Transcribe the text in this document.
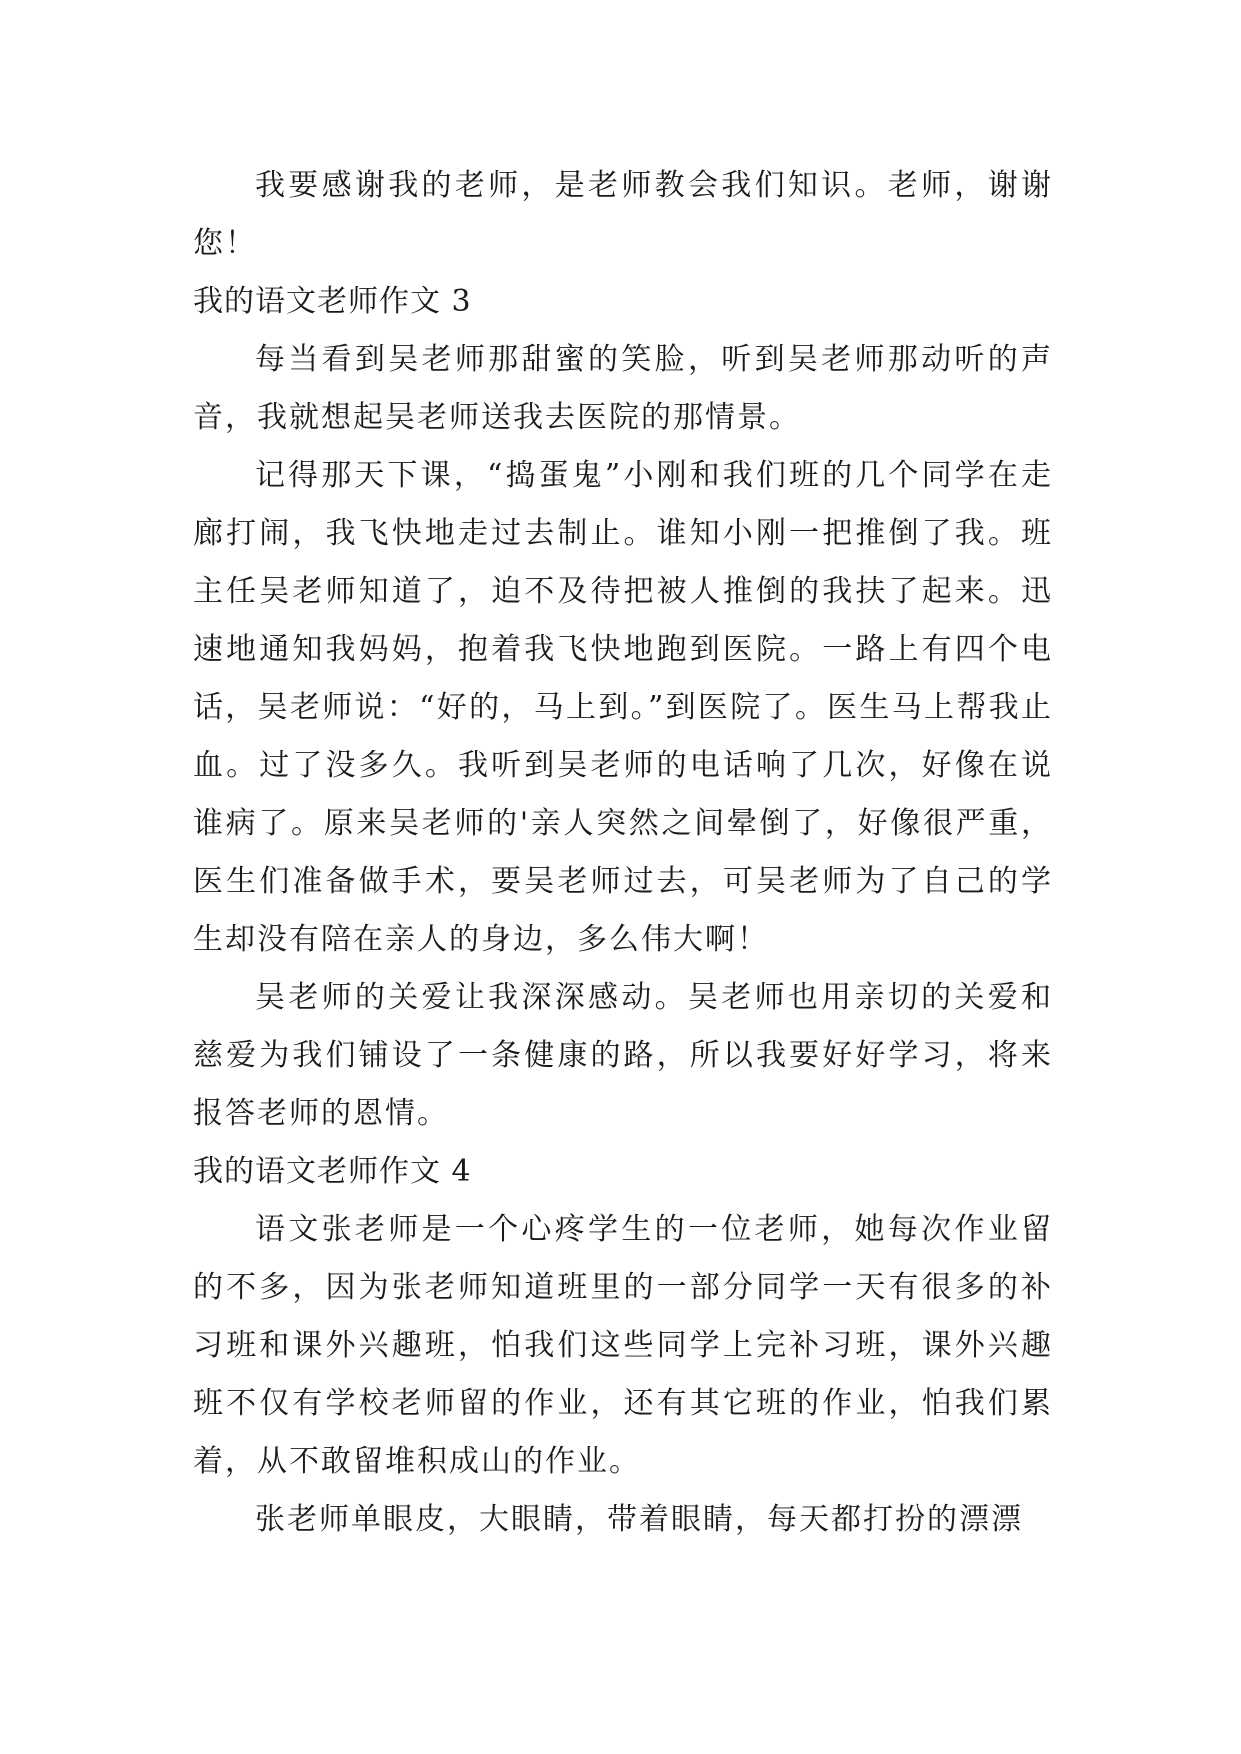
我要感谢我的老师，是老师教会我们知识。老师，谢谢您！

我的语文老师作文 3

每当看到吴老师那甜蜜的笑脸，听到吴老师那动听的声音，我就想起吴老师送我去医院的那情景。

记得那天下课，“捣蛋鬼”小刚和我们班的几个同学在走廊打闹，我飞快地走过去制止。谁知小刚一把推倒了我。班主任吴老师知道了，迫不及待把被人推倒的我扶了起来。迅速地通知我妈妈，抱着我飞快地跑到医院。一路上有四个电话，吴老师说：“好的，马上到。”到医院了。医生马上帮我止血。过了没多久。我听到吴老师的电话响了几次，好像在说谁病了。原来吴老师的'亲人突然之间晕倒了，好像很严重，医生们准备做手术，要吴老师过去，可吴老师为了自己的学生却没有陪在亲人的身边，多么伟大啊！

吴老师的关爱让我深深感动。吴老师也用亲切的关爱和慈爱为我们铺设了一条健康的路，所以我要好好学习，将来报答老师的恩情。

我的语文老师作文 4

语文张老师是一个心疼学生的一位老师，她每次作业留的不多，因为张老师知道班里的一部分同学一天有很多的补习班和课外兴趣班，怕我们这些同学上完补习班，课外兴趣班不仅有学校老师留的作业，还有其它班的作业，怕我们累着，从不敢留堆积成山的作业。

张老师单眼皮，大眼睛，带着眼睛，每天都打扮的漂漂
